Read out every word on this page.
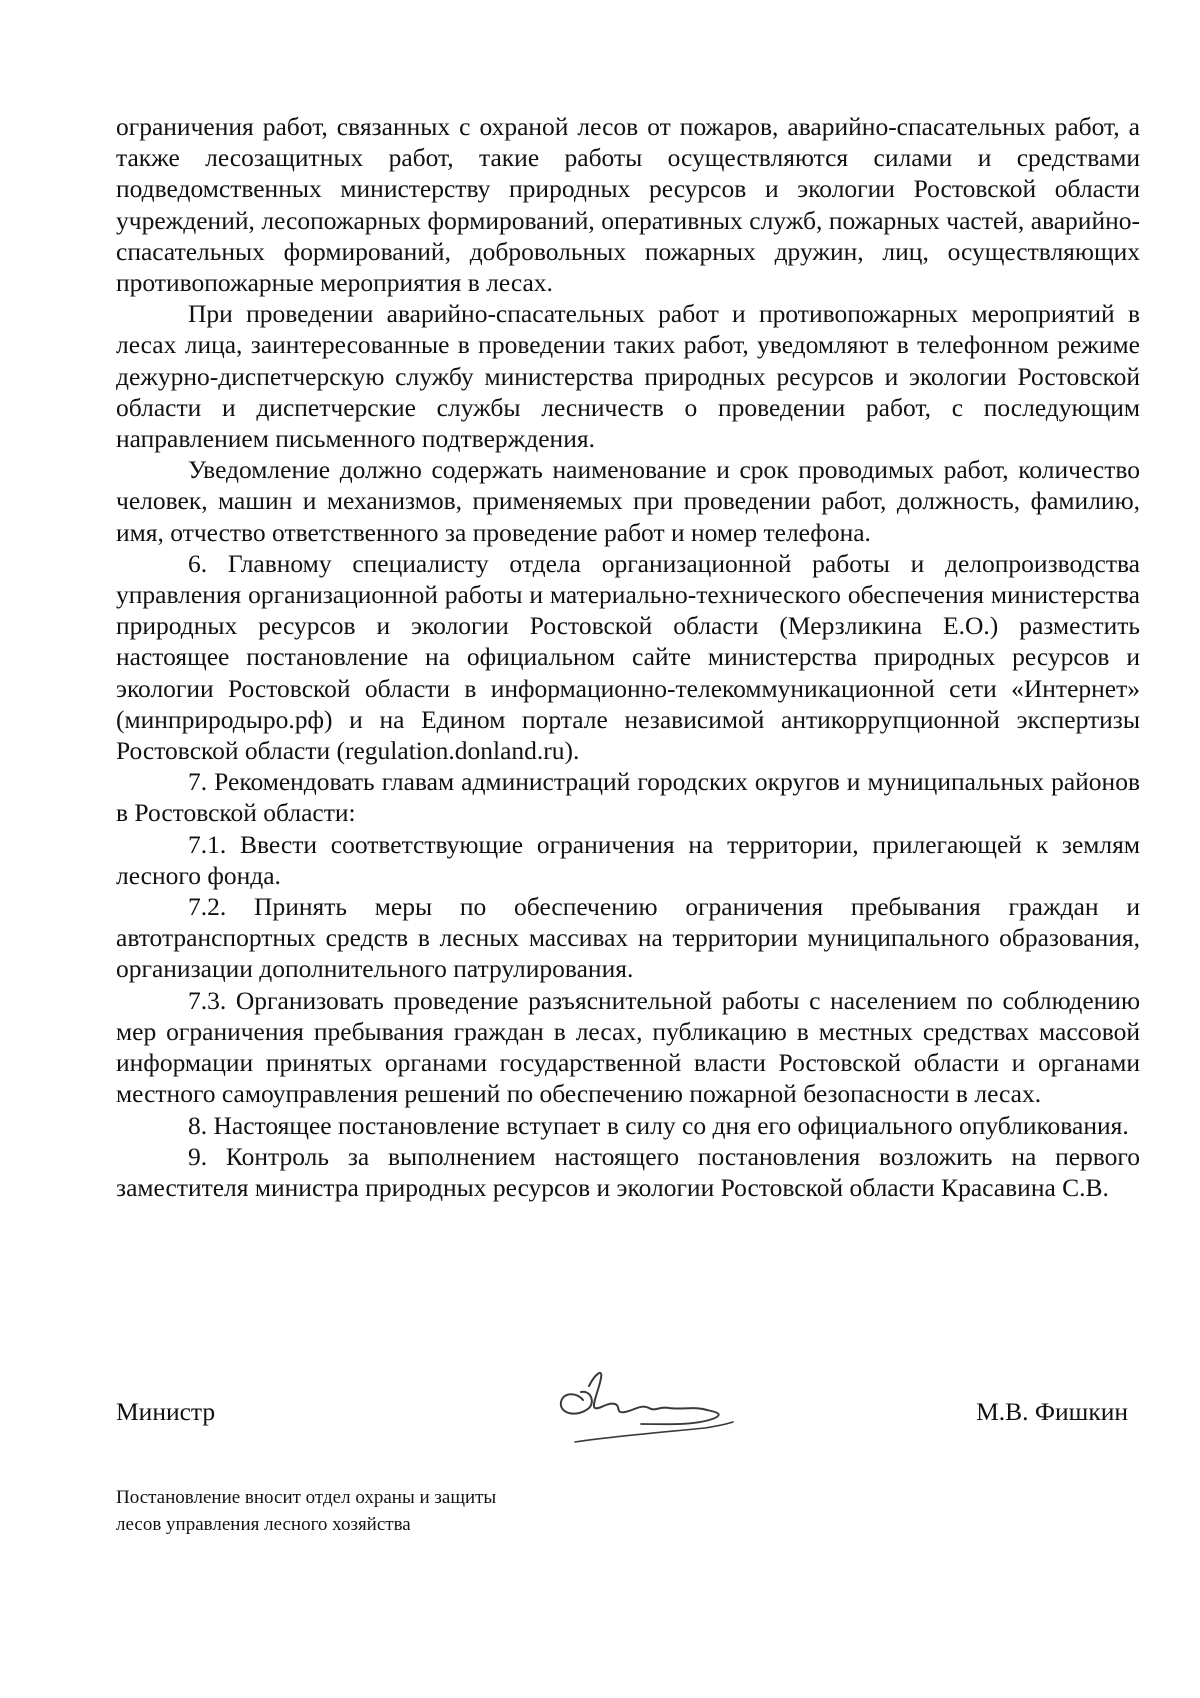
ограничения работ, связанных с охраной лесов от пожаров, аварийно-спасательных работ, а также лесозащитных работ, такие работы осуществляются силами и средствами подведомственных министерству природных ресурсов и экологии Ростовской области учреждений, лесопожарных формирований, оперативных служб, пожарных частей, аварийно-спасательных формирований, добровольных пожарных дружин, лиц, осуществляющих противопожарные мероприятия в лесах.

При проведении аварийно-спасательных работ и противопожарных мероприятий в лесах лица, заинтересованные в проведении таких работ, уведомляют в телефонном режиме дежурно-диспетчерскую службу министерства природных ресурсов и экологии Ростовской области и диспетчерские службы лесничеств о проведении работ, с последующим направлением письменного подтверждения.

Уведомление должно содержать наименование и срок проводимых работ, количество человек, машин и механизмов, применяемых при проведении работ, должность, фамилию, имя, отчество ответственного за проведение работ и номер телефона.

6. Главному специалисту отдела организационной работы и делопроизводства управления организационной работы и материально-технического обеспечения министерства природных ресурсов и экологии Ростовской области (Мерзликина Е.О.) разместить настоящее постановление на официальном сайте министерства природных ресурсов и экологии Ростовской области в информационно-телекоммуникационной сети «Интернет» (минприродыро.рф) и на Едином портале независимой антикоррупционной экспертизы Ростовской области (regulation.donland.ru).

7. Рекомендовать главам администраций городских округов и муниципальных районов в Ростовской области:

7.1. Ввести соответствующие ограничения на территории, прилегающей к землям лесного фонда.

7.2. Принять меры по обеспечению ограничения пребывания граждан и автотранспортных средств в лесных массивах на территории муниципального образования, организации дополнительного патрулирования.

7.3. Организовать проведение разъяснительной работы с населением по соблюдению мер ограничения пребывания граждан в лесах, публикацию в местных средствах массовой информации принятых органами государственной власти Ростовской области и органами местного самоуправления решений по обеспечению пожарной безопасности в лесах.

8. Настоящее постановление вступает в силу со дня его официального опубликования.

9. Контроль за выполнением настоящего постановления возложить на первого заместителя министра природных ресурсов и экологии Ростовской области Красавина С.В.

Министр	М.В. Фишкин

Постановление вносит отдел охраны и защиты

лесов управления лесного хозяйства
